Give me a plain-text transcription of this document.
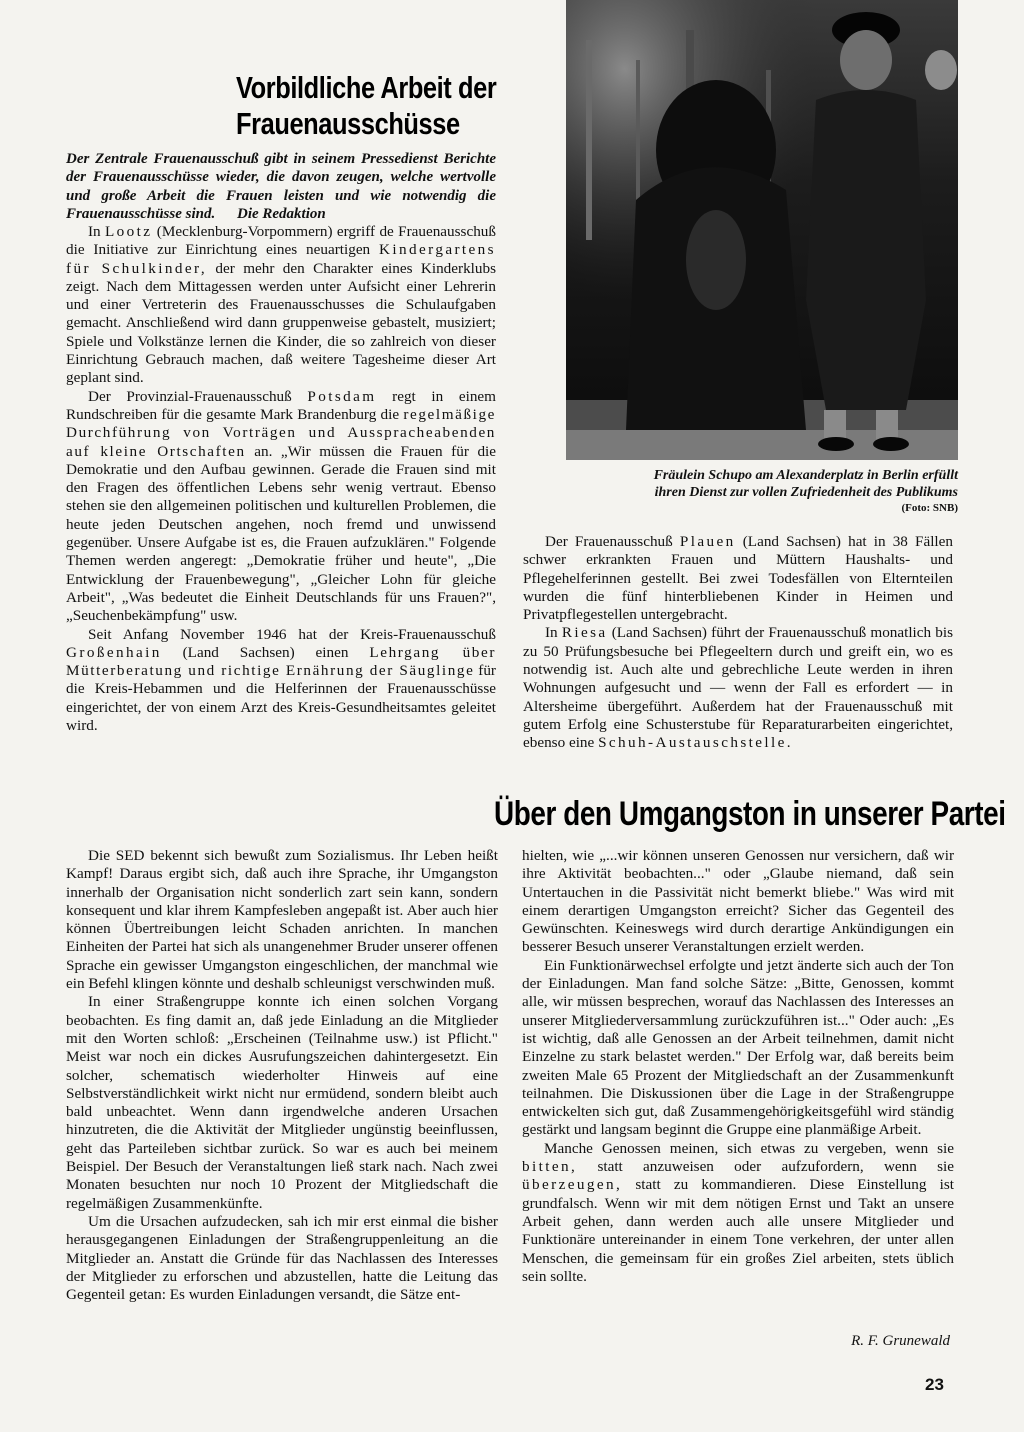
Vorbildliche Arbeit der
Frauenausschüsse
Der Zentrale Frauenausschuß gibt in seinem Pressedienst Berichte der Frauenausschüsse wieder, die davon zeugen, welche wertvolle und große Arbeit die Frauen leisten und wie notwendig die Frauenausschüsse sind. Die Redaktion

In Lootz (Mecklenburg-Vorpommern) ergriff de Frauenausschuß die Initiative zur Einrichtung eines neuartigen Kindergartens für Schulkinder, der mehr den Charakter eines Kinderklubs zeigt. Nach dem Mittagessen werden unter Aufsicht einer Lehrerin und einer Vertreterin des Frauenausschusses die Schulaufgaben gemacht. Anschließend wird dann gruppenweise gebastelt, musiziert; Spiele und Volkstänze lernen die Kinder, die so zahlreich von dieser Einrichtung Gebrauch machen, daß weitere Tagesheime dieser Art geplant sind.

Der Provinzial-Frauenausschuß Potsdam regt in einem Rundschreiben für die gesamte Mark Brandenburg die regelmäßige Durchführung von Vorträgen und Ausspracheabenden auf kleine Ortschaften an. „Wir müssen die Frauen für die Demokratie und den Aufbau gewinnen. Gerade die Frauen sind mit den Fragen des öffentlichen Lebens sehr wenig vertraut. Ebenso stehen sie den allgemeinen politischen und kulturellen Problemen, die heute jeden Deutschen angehen, noch fremd und unwissend gegenüber. Unsere Aufgabe ist es, die Frauen aufzuklären." Folgende Themen werden angeregt: „Demokratie früher und heute", „Die Entwicklung der Frauenbewegung", „Gleicher Lohn für gleiche Arbeit", „Was bedeutet die Einheit Deutschlands für uns Frauen?", „Seuchenbekämpfung" usw.

Seit Anfang November 1946 hat der Kreis-Frauenausschuß Großenhain (Land Sachsen) einen Lehrgang über Mütterberatung und richtige Ernährung der Säuglinge für die Kreis-Hebammen und die Helferinnen der Frauenausschüsse eingerichtet, der von einem Arzt des Kreis-Gesundheitsamtes geleitet wird.

Fräulein Schupo am Alexanderplatz in Berlin erfüllt
ihren Dienst zur vollen Zufriedenheit des Publikums
(Foto: SNB)

Der Frauenausschuß Plauen (Land Sachsen) hat in 38 Fällen schwer erkrankten Frauen und Müttern Haushalts- und Pflegehelferinnen gestellt. Bei zwei Todesfällen von Elternteilen wurden die fünf hinterbliebenen Kinder in Heimen und Privatpflegestellen untergebracht.

In Riesa (Land Sachsen) führt der Frauenausschuß monatlich bis zu 50 Prüfungsbesuche bei Pflegeeltern durch und greift ein, wo es notwendig ist. Auch alte und gebrechliche Leute werden in ihren Wohnungen aufgesucht und — wenn der Fall es erfordert — in Altersheime übergeführt. Außerdem hat der Frauenausschuß mit gutem Erfolg eine Schusterstube für Reparaturarbeiten eingerichtet, ebenso eine Schuh-Austauschstelle.

Über den Umgangston in unserer Partei

Die SED bekennt sich bewußt zum Sozialismus. Ihr Leben heißt Kampf! Daraus ergibt sich, daß auch ihre Sprache, ihr Umgangston innerhalb der Organisation nicht sonderlich zart sein kann, sondern konsequent und klar ihrem Kampfesleben angepaßt ist. Aber auch hier können Übertreibungen leicht Schaden anrichten. In manchen Einheiten der Partei hat sich als unangenehmer Bruder unserer offenen Sprache ein gewisser Umgangston eingeschlichen, der manchmal wie ein Befehl klingen könnte und deshalb schleunigst verschwinden muß.

In einer Straßengruppe konnte ich einen solchen Vorgang beobachten. Es fing damit an, daß jede Einladung an die Mitglieder mit den Worten schloß: „Erscheinen (Teilnahme usw.) ist Pflicht." Meist war noch ein dickes Ausrufungszeichen dahintergesetzt. Ein solcher, schematisch wiederholter Hinweis auf eine Selbstverständlichkeit wirkt nicht nur ermüdend, sondern bleibt auch bald unbeachtet. Wenn dann irgendwelche anderen Ursachen hinzutreten, die die Aktivität der Mitglieder ungünstig beeinflussen, geht das Parteileben sichtbar zurück. So war es auch bei meinem Beispiel. Der Besuch der Veranstaltungen ließ stark nach. Nach zwei Monaten besuchten nur noch 10 Prozent der Mitgliedschaft die regelmäßigen Zusammenkünfte.

Um die Ursachen aufzudecken, sah ich mir erst einmal die bisher herausgegangenen Einladungen der Straßengruppenleitung an die Mitglieder an. Anstatt die Gründe für das Nachlassen des Interesses der Mitglieder zu erforschen und abzustellen, hatte die Leitung das Gegenteil getan: Es wurden Einladungen versandt, die Sätze ent-

hielten, wie „...wir können unseren Genossen nur versichern, daß wir ihre Aktivität beobachten..." oder „Glaube niemand, daß sein Untertauchen in die Passivität nicht bemerkt bliebe." Was wird mit einem derartigen Umgangston erreicht? Sicher das Gegenteil des Gewünschten. Keineswegs wird durch derartige Ankündigungen ein besserer Besuch unserer Veranstaltungen erzielt werden.

Ein Funktionärwechsel erfolgte und jetzt änderte sich auch der Ton der Einladungen. Man fand solche Sätze: „Bitte, Genossen, kommt alle, wir müssen besprechen, worauf das Nachlassen des Interesses an unserer Mitgliederversammlung zurückzuführen ist..." Oder auch: „Es ist wichtig, daß alle Genossen an der Arbeit teilnehmen, damit nicht Einzelne zu stark belastet werden." Der Erfolg war, daß bereits beim zweiten Male 65 Prozent der Mitgliedschaft an der Zusammenkunft teilnahmen. Die Diskussionen über die Lage in der Straßengruppe entwickelten sich gut, daß Zusammengehörigkeitsgefühl wird ständig gestärkt und langsam beginnt die Gruppe eine planmäßige Arbeit.

Manche Genossen meinen, sich etwas zu vergeben, wenn sie bitten, statt anzuweisen oder aufzufordern, wenn sie überzeugen, statt zu kommandieren. Diese Einstellung ist grundfalsch. Wenn wir mit dem nötigen Ernst und Takt an unsere Arbeit gehen, dann werden auch alle unsere Mitglieder und Funktionäre untereinander in einem Tone verkehren, der unter allen Menschen, die gemeinsam für ein großes Ziel arbeiten, stets üblich sein sollte.

R. F. Grunewald
23
